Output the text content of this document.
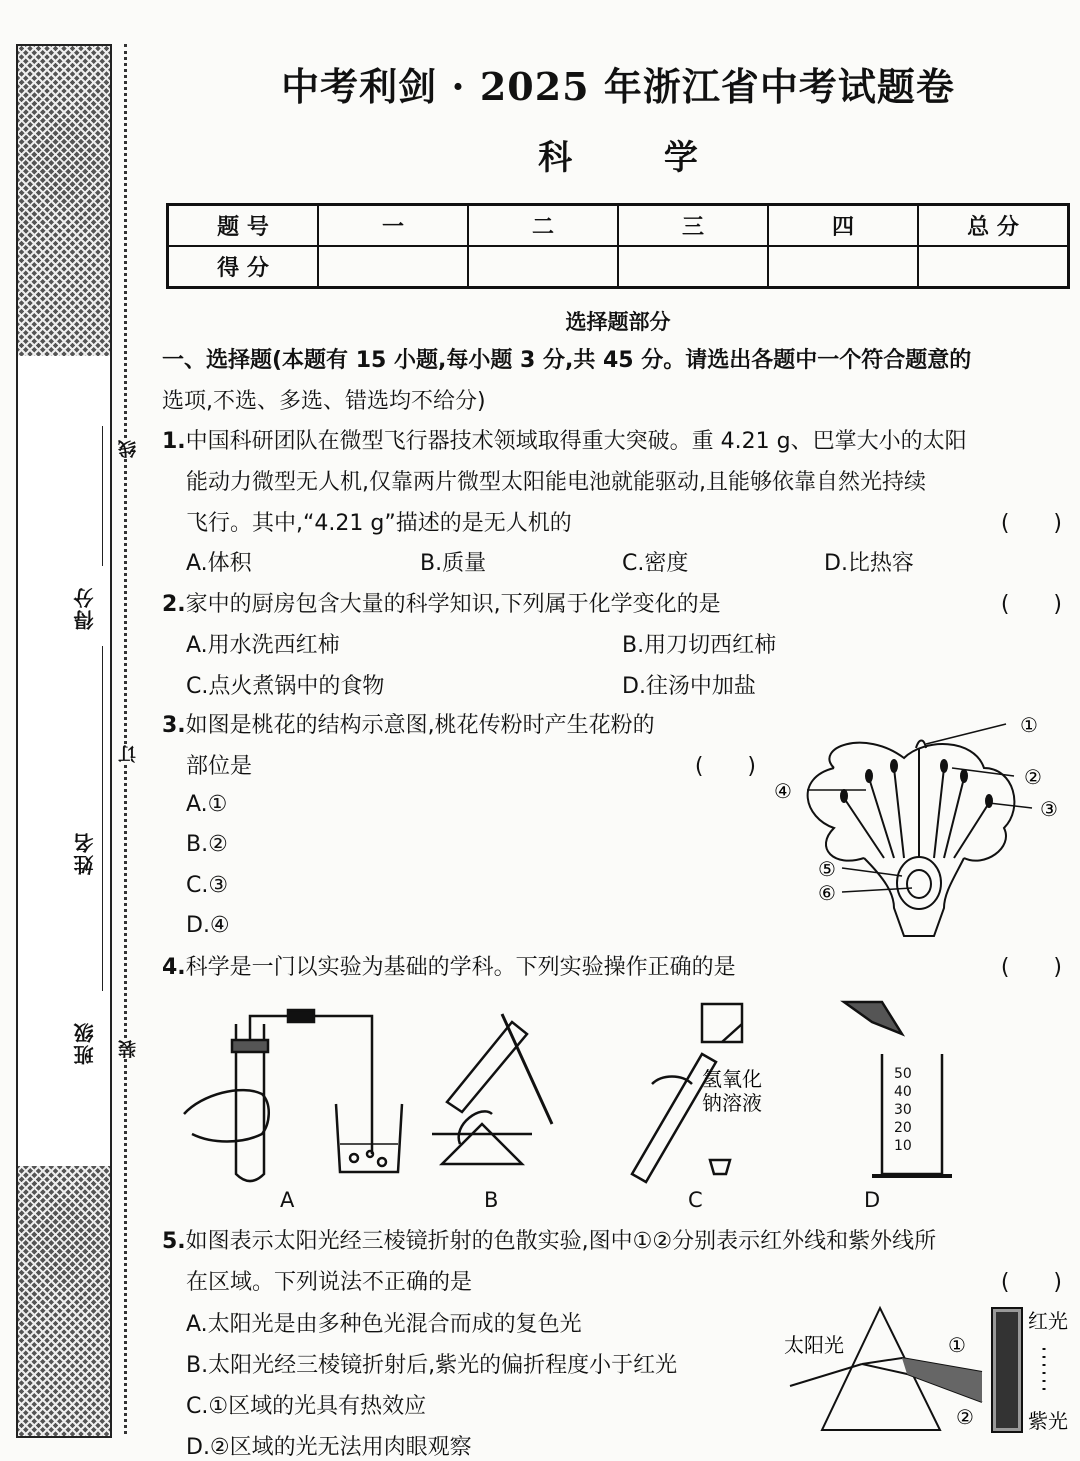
班级
姓名
得分
线
订
装
中考利剑 · 2025 年浙江省中考试题卷
科 学
题 号	一	二	三	四	总 分
得 分					
选择题部分
一、选择题(本题有 15 小题,每小题 3 分,共 45 分。请选出各题中一个符合题意的
选项,不选、多选、错选均不给分)
1.中国科研团队在微型飞行器技术领域取得重大突破。重 4.21 g、巴掌大小的太阳
能动力微型无人机,仅靠两片微型太阳能电池就能驱动,且能够依靠自然光持续
飞行。其中,“4.21 g”描述的是无人机的	(　　)
A.体积	B.质量	C.密度	D.比热容
2.家中的厨房包含大量的科学知识,下列属于化学变化的是	(　　)
A.用水洗西红柿	B.用刀切西红柿
C.点火煮锅中的食物	D.往汤中加盐
3.如图是桃花的结构示意图,桃花传粉时产生花粉的
部位是	(　　)
A.①
B.②
C.③
D.④
①
②
③
④
⑤
⑥
4.科学是一门以实验为基础的学科。下列实验操作正确的是	(　　)
50
40
30
20
10
氢氧化
钠溶液
A	B	C	D
5.如图表示太阳光经三棱镜折射的色散实验,图中①②分别表示红外线和紫外线所
在区域。下列说法不正确的是	(　　)
A.太阳光是由多种色光混合而成的复色光
B.太阳光经三棱镜折射后,紫光的偏折程度小于红光
C.①区域的光具有热效应
D.②区域的光无法用肉眼观察
太阳光
红光
紫光
①
②
